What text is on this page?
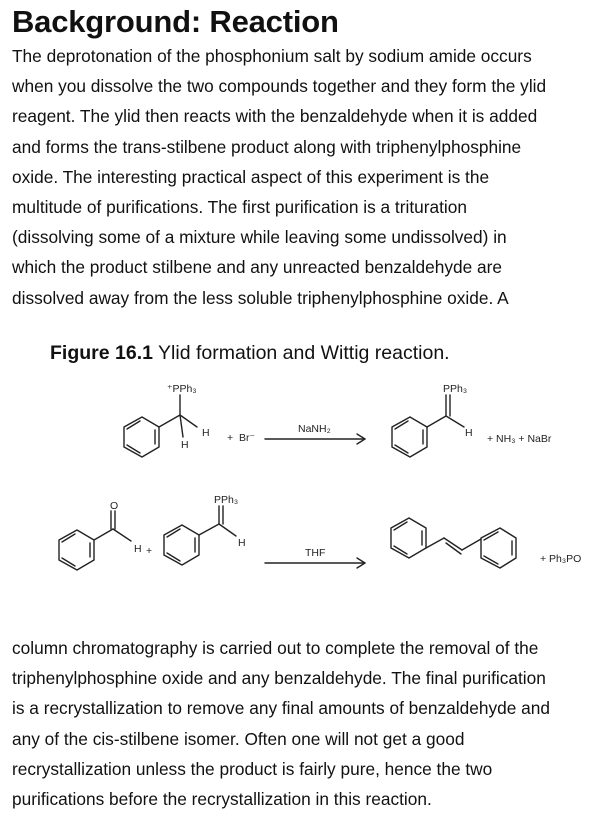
Background: Reaction

The deprotonation of the phosphonium salt by sodium amide occurs
when you dissolve the two compounds together and they form the ylid
reagent. The ylid then reacts with the benzaldehyde when it is added
and forms the trans-stilbene product along with triphenylphosphine
oxide. The interesting practical aspect of this experiment is the
multitude of purifications. The first purification is a trituration
(dissolving some of a mixture while leaving some undissolved) in
which the product stilbene and any unreacted benzaldehyde are
dissolved away from the less soluble triphenylphosphine oxide. A

Figure 16.1 Ylid formation and Wittig reaction.

⁺PPh₃
H
H
+ Br⁻
NaNH₂
PPh₃
H + NH₃ + NaBr
O
H +
PPh₃
H
THF	+ Ph₃PO

column chromatography is carried out to complete the removal of the
triphenylphosphine oxide and any benzaldehyde. The final purification
is a recrystallization to remove any final amounts of benzaldehyde and
any of the cis-stilbene isomer. Often one will not get a good
recrystallization unless the product is fairly pure, hence the two
purifications before the recrystallization in this reaction.
